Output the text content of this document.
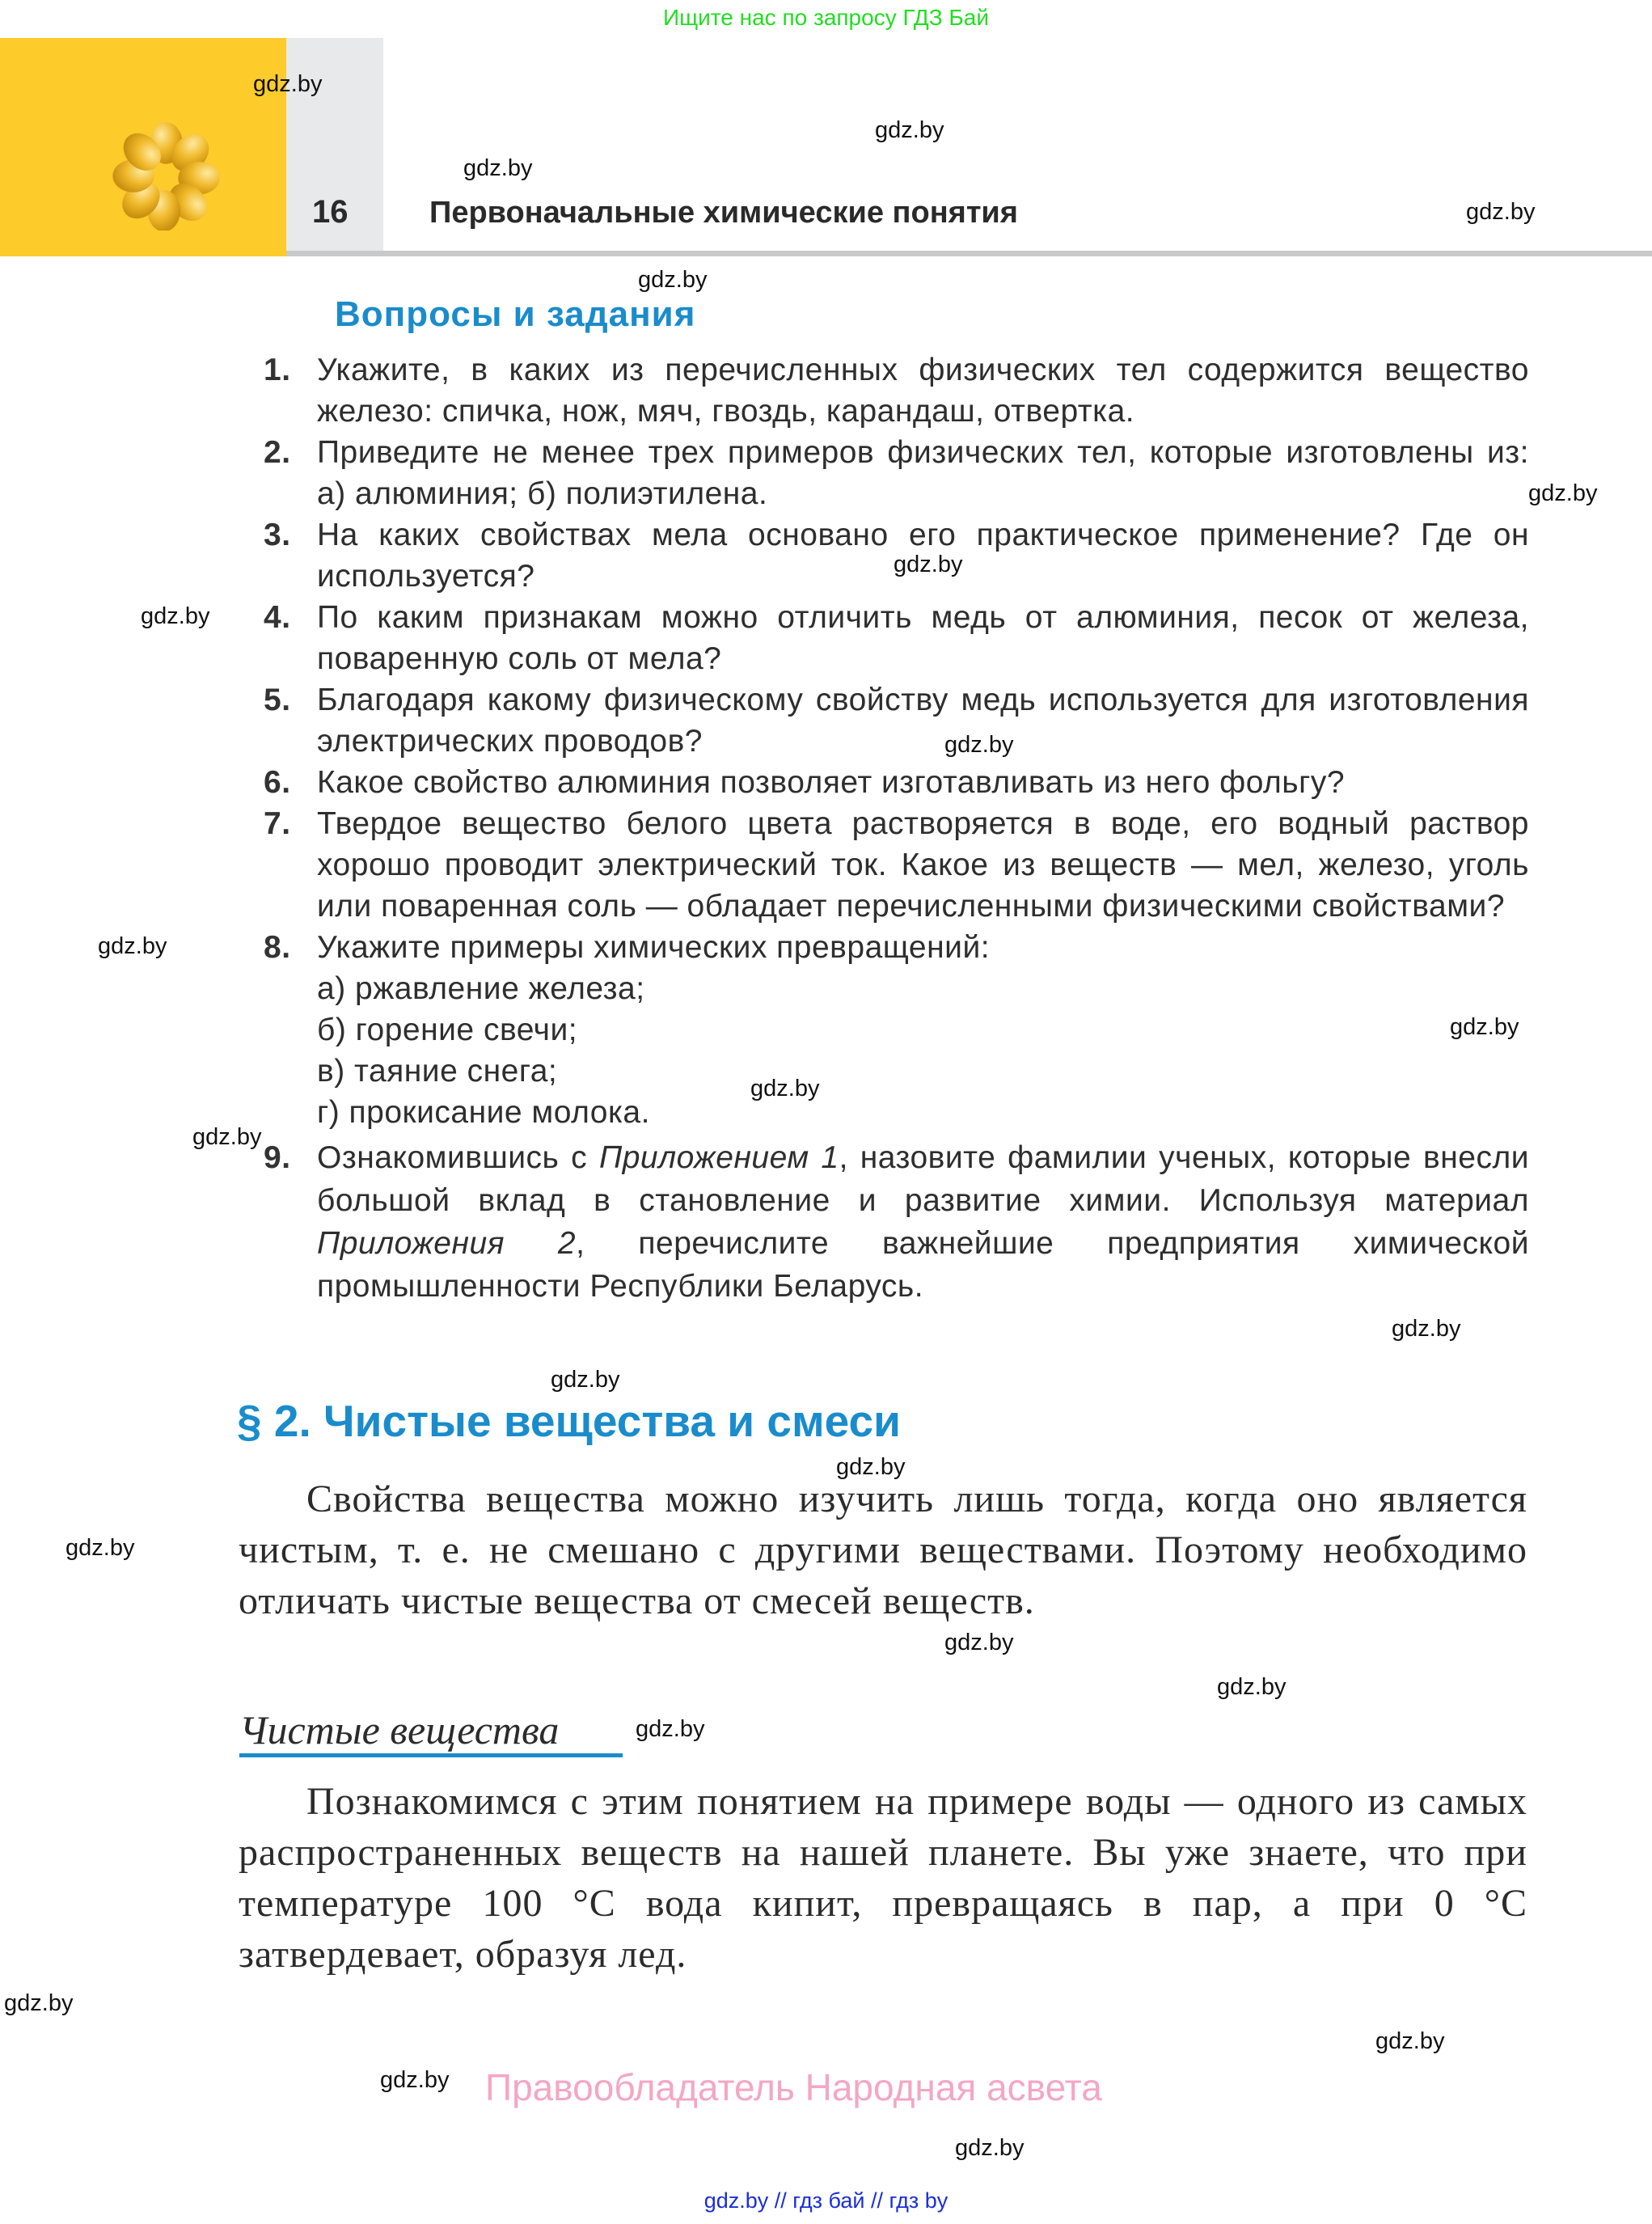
Ищите нас по запросу ГДЗ Бай
16	Первоначальные химические понятия
Вопросы и задания
1. Укажите, в каких из перечисленных физических тел содержится вещество железо: спичка, нож, мяч, гвоздь, карандаш, отвертка.
2. Приведите не менее трех примеров физических тел, которые изготовлены из: а) алюминия; б) полиэтилена.
3. На каких свойствах мела основано его практическое применение? Где он используется?
4. По каким признакам можно отличить медь от алюминия, песок от железа, поваренную соль от мела?
5. Благодаря какому физическому свойству медь используется для изготовления электрических проводов?
6. Какое свойство алюминия позволяет изготавливать из него фольгу?
7. Твердое вещество белого цвета растворяется в воде, его водный раствор хорошо проводит электрический ток. Какое из веществ — мел, железо, уголь или поваренная соль — обладает перечисленными физическими свойствами?
8. Укажите примеры химических превращений:
а) ржавление железа;
б) горение свечи;
в) таяние снега;
г) прокисание молока.
9. Ознакомившись с Приложением 1, назовите фамилии ученых, которые внесли большой вклад в становление и развитие химии. Используя материал Приложения 2, перечислите важнейшие предприятия химической промышленности Республики Беларусь.
§ 2. Чистые вещества и смеси

Свойства вещества можно изучить лишь тогда, когда оно является чистым, т. е. не смешано с другими веществами. Поэтому необходимо отличать чистые вещества от смесей веществ.

Чистые вещества

Познакомимся с этим понятием на примере воды — одного из самых распространенных веществ на нашей планете. Вы уже знаете, что при температуре 100 °С вода кипит, превращаясь в пар, а при 0 °С затвердевает, образуя лед.

Правообладатель Народная асвета
gdz.by // гдз бай // гдз by
gdz.by
gdz.by
gdz.by
gdz.by
gdz.by
gdz.by
gdz.by
gdz.by
gdz.by
gdz.by
gdz.by
gdz.by
gdz.by
gdz.by
gdz.by
gdz.by
gdz.by
gdz.by
gdz.by
gdz.by
gdz.by
gdz.by
gdz.by
gdz.by
